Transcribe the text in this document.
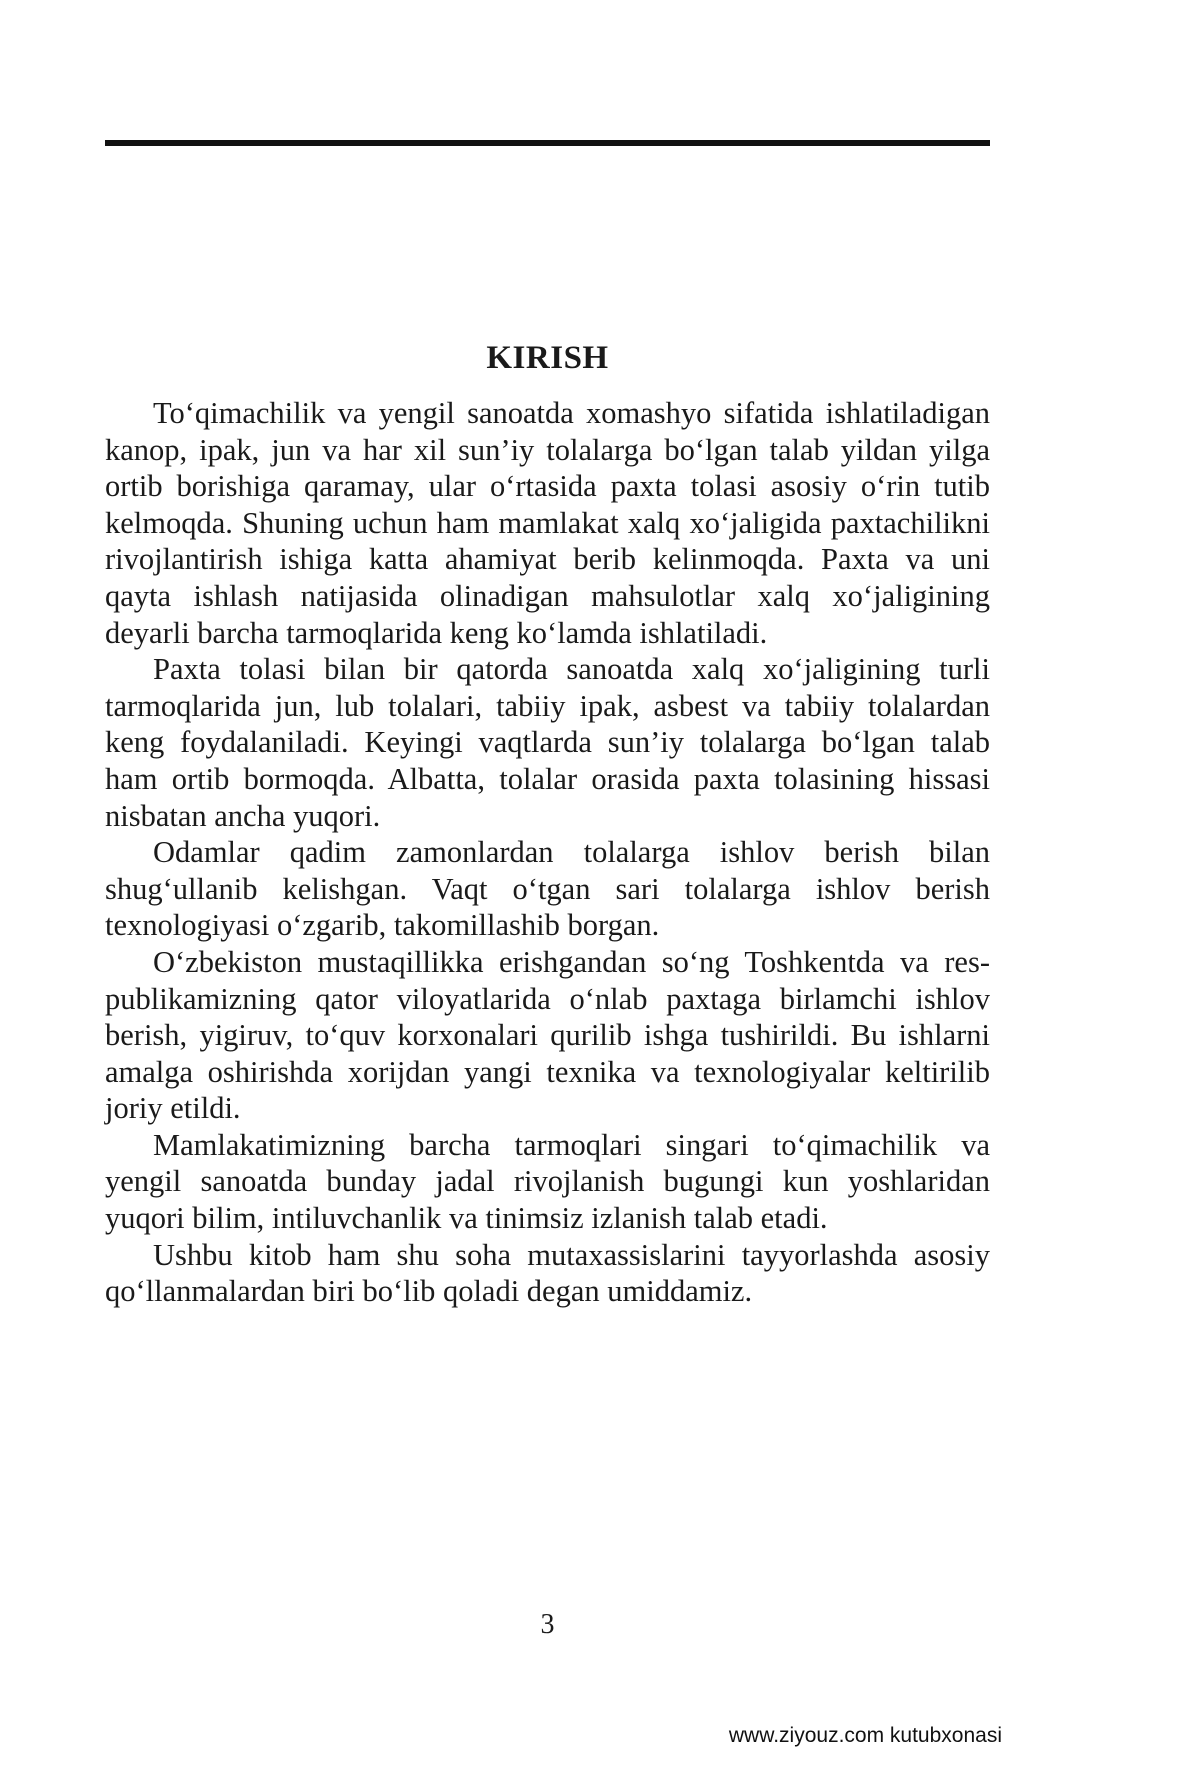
KIRISH

To‘qimachilik va yengil sanoatda xomashyo sifatida ishlatiladigan kanop, ipak, jun va har xil sun’iy tolalarga bo‘lgan talab yildan yilga ortib borishiga qaramay, ular o‘rtasida paxta tolasi asosiy o‘rin tutib kelmoqda. Shuning uchun ham mamlakat xalq xo‘jaligida paxtachilikni rivojlantirish ishiga katta ahamiyat berib kelinmoqda. Paxta va uni qayta ishlash natijasida olinadigan mahsulotlar xalq xo‘jaligining deyarli barcha tarmoqlarida keng ko‘lamda ishlatiladi.

Paxta tolasi bilan bir qatorda sanoatda xalq xo‘jaligining turli tarmoqlarida jun, lub tolalari, tabiiy ipak, asbest va tabiiy tolalardan keng foydalaniladi. Keyingi vaqtlarda sun’iy tolalarga bo‘lgan talab ham ortib bormoqda. Albatta, tolalar orasida paxta tolasining hissasi nisbatan ancha yuqori.

Odamlar qadim zamonlardan tolalarga ishlov berish bilan shug‘ullanib kelishgan. Vaqt o‘tgan sari tolalarga ishlov berish texnologiyasi o‘zgarib, takomillashib borgan.

O‘zbekiston mustaqillikka erishgandan so‘ng Toshkentda va respublikamizning qator viloyatlarida o‘nlab paxtaga birlamchi ishlov berish, yigiruv, to‘quv korxonalari qurilib ishga tushirildi. Bu ishlarni amalga oshirishda xorijdan yangi texnika va texnologiyalar keltirilib joriy etildi.

Mamlakatimizning barcha tarmoqlari singari to‘qimachilik va yengil sanoatda bunday jadal rivojlanish bugungi kun yoshlaridan yuqori bilim, intiluvchanlik va tinimsiz izlanish talab etadi.

Ushbu kitob ham shu soha mutaxassislarini tayyorlashda asosiy qo‘llanmalardan biri bo‘lib qoladi degan umiddamiz.

3
www.ziyouz.com kutubxonasi
